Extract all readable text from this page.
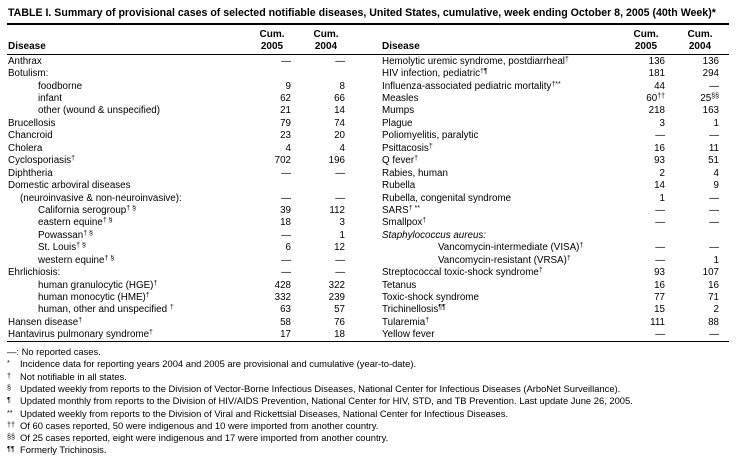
TABLE I. Summary of provisional cases of selected notifiable diseases, United States, cumulative, week ending October 8, 2005 (40th Week)*
Disease
Cum.
2005
Cum.
2004	Disease
Cum.
2005
Cum.
2004
Anthrax	—	—
Botulism:
foodborne	9	8
infant	62	66
other (wound & unspecified)	21	14
Brucellosis	79	74
Chancroid	23	20
Cholera	4	4
Cyclosporiasis†	702	196
Diphtheria	—	—
Domestic arboviral diseases
(neuroinvasive & non-neuroinvasive):	—	—
California serogroup† §	39	112
eastern equine† §	18	3
Powassan† §	—	1
St. Louis† §	6	12
western equine† §	—	—
Ehrlichiosis:	—	—
human granulocytic (HGE)†	428	322
human monocytic (HME)†	332	239
human, other and unspecified †	63	57
Hansen disease†	58	76
Hantavirus pulmonary syndrome†	17	18
Hemolytic uremic syndrome, postdiarrheal†	136	136
HIV infection, pediatric†¶	181	294
Influenza-associated pediatric mortality†**	44	—
Measles	60††	25§§
Mumps	218	163
Plague	3	1
Poliomyelitis, paralytic	—	—
Psittacosis†	16	11
Q fever†	93	51
Rabies, human	2	4
Rubella	14	9
Rubella, congenital syndrome	1	—
SARS† **	—	—
Smallpox†	—	—
Staphylococcus aureus:
Vancomycin-intermediate (VISA)†	—	—
Vancomycin-resistant (VRSA)†	—	1
Streptococcal toxic-shock syndrome†	93	107
Tetanus	16	16
Toxic-shock syndrome	77	71
Trichinellosis¶¶	15	2
Tularemia†	111	88
Yellow fever	—	—
—: No reported cases.
*	Incidence data for reporting years 2004 and 2005 are provisional and cumulative (year-to-date).
† Not notifiable in all states.
§ Updated weekly from reports to the Division of Vector-Borne Infectious Diseases, National Center for Infectious Diseases (ArboNet Surveillance).
¶ Updated monthly from reports to the Division of HIV/AIDS Prevention, National Center for HIV, STD, and TB Prevention. Last update June 26, 2005.
** Updated weekly from reports to the Division of Viral and Rickettsial Diseases, National Center for Infectious Diseases.
†† Of 60 cases reported, 50 were indigenous and 10 were imported from another country.
§§ Of 25 cases reported, eight were indigenous and 17 were imported from another country.
¶¶ Formerly Trichinosis.
